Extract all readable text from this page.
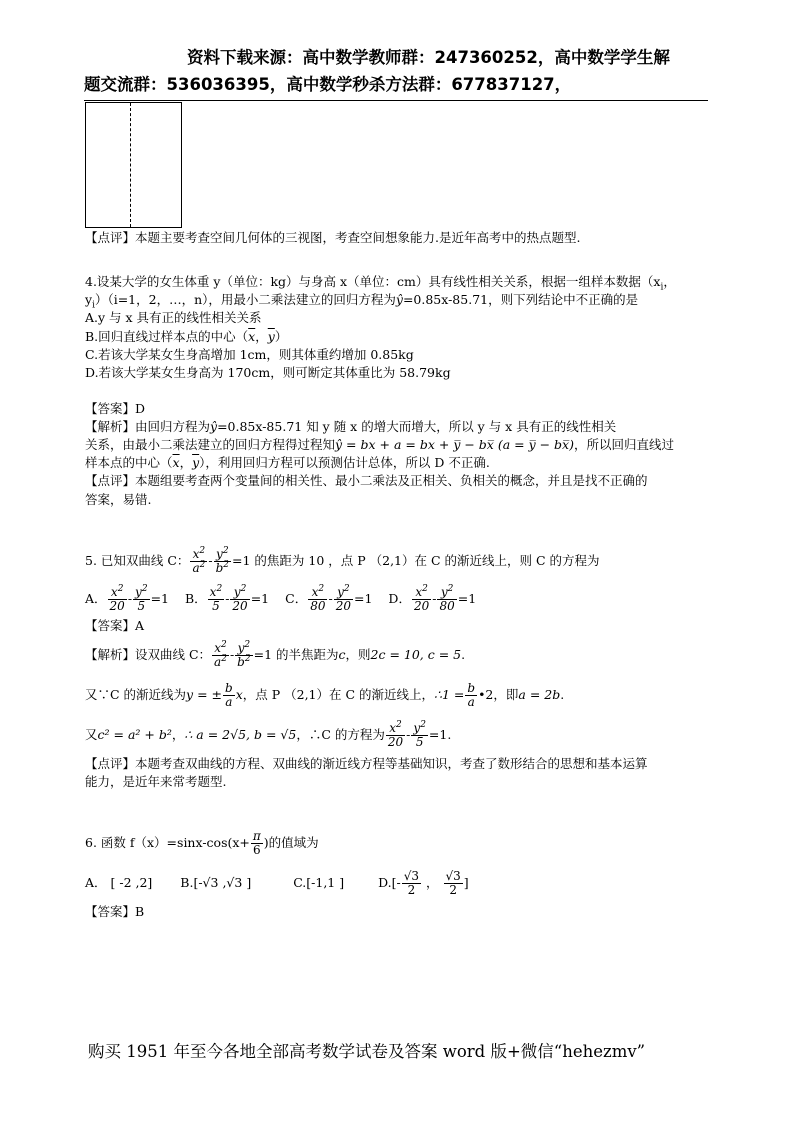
资料下载来源：高中数学教师群：247360252，高中数学学生解
题交流群：536036395，高中数学秒杀方法群：677837127，

【点评】本题主要考查空间几何体的三视图，考查空间想象能力.是近年高考中的热点题型.

4.设某大学的女生体重 y（单位：kg）与身高 x（单位：cm）具有线性相关关系，根据一组样本数据（$x_i$，

$y_i)(i=1$，2，…，n），用最小二乘法建立的回归方程为ŷ=0.85x-85.71，则下列结论中不正确的是

A.y 与 x 具有正的线性相关关系

B.回归直线过样本点的中心（$\overline{x}$，$\overline{y}$）

C.若该大学某女生身高增加 1cm，则其体重约增加 0.85kg

D.若该大学某女生身高为 170cm，则可断定其体重比为 58.79kg

【答案】D

【解析】由回归方程为ŷ=0.85x-85.71 知 y 随 x 的增大而增大，所以 y 与 x 具有正的线性相关

关系，由最小二乘法建立的回归方程得过程知ŷ = bx + a = bx + y̅ − bx̅ (a = y̅ − bx̅)，所以回归直线过

样本点的中心（$\overline{x}$，$\overline{y}$），利用回归方程可以预测估计总体，所以 D 不正确.

【点评】本题组要考查两个变量间的相关性、最小二乘法及正相关、负相关的概念，并且是找不正确的

答案，易错.

5. 已知双曲线 C： $\frac{x^2}{a^2} - \frac{y^2}{b^2} =1$ 的焦距为 10 ，点 P （2,1）在 C 的渐近线上，则 C 的方程为

A． $\frac{x^2}{20} - \frac{y^2}{5} =1$ B． $\frac{x^2}{5} - \frac{y^2}{20} =1$ C． $\frac{x^2}{80} - \frac{y^2}{20} =1$ D． $\frac{x^2}{20} - \frac{y^2}{80} =1$

【答案】A

【解析】设双曲线 C： $\frac{x^2}{a^2} - \frac{y^2}{b^2} =1$ 的半焦距为c，则2c = 10, c = 5.

又∵C 的渐近线为y = ± $\frac{b}{a}$ x，点 P （2,1）在 C 的渐近线上，∴1 = $\frac{b}{a}$ •2，即a = 2b.

又c² = a² + b²，∴ a = 2√5, b = √5，∴C 的方程为 $\frac{x^2}{20} - \frac{y^2}{5} =1$.

【点评】本题考查双曲线的方程、双曲线的渐近线方程等基础知识，考查了数形结合的思想和基本运算

能力，是近年来常考题型.

6. 函数 $f(x)=\sin x-\cos(x+ \frac{\pi}{6}$ )的值域为

A． [ -2 ,2] B.[-√3 ,√3 ]	C.[-1,1 ]	$D.[- \frac{√3}{2}$ ， $\frac{√3}{2}$ ]

【答案】B

购买 1951 年至今各地全部高考数学试卷及答案 word 版+微信“hehezmv”
